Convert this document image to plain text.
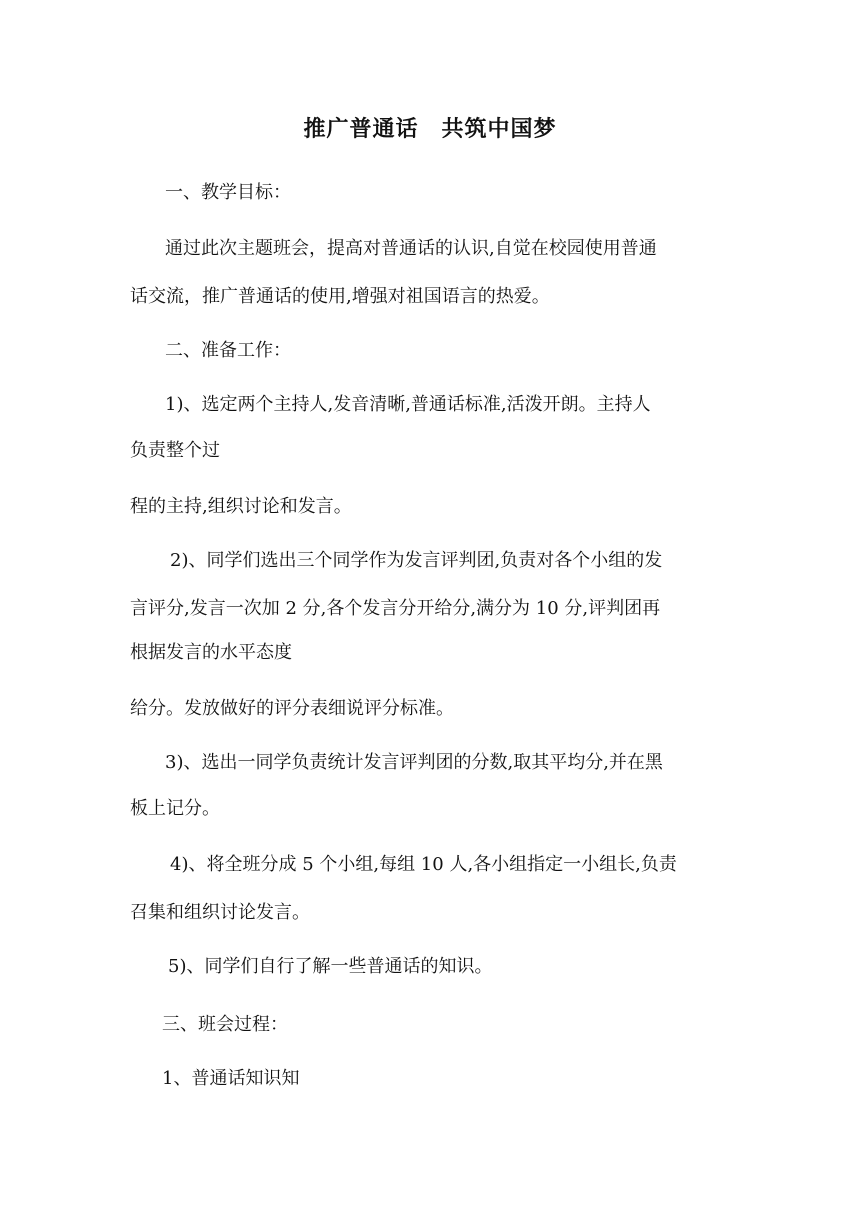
推广普通话　共筑中国梦

一、教学目标：

通过此次主题班会，提高对普通话的认识,自觉在校园使用普通

话交流，推广普通话的使用,增强对祖国语言的热爱。

二、准备工作：

1)、选定两个主持人,发音清晰,普通话标准,活泼开朗。主持人

负责整个过

程的主持,组织讨论和发言。

2)、同学们选出三个同学作为发言评判团,负责对各个小组的发

言评分,发言一次加 2 分,各个发言分开给分,满分为 10 分,评判团再

根据发言的水平态度

给分。发放做好的评分表细说评分标准。

3)、选出一同学负责统计发言评判团的分数,取其平均分,并在黑

板上记分。

4)、将全班分成 5 个小组,每组 10 人,各小组指定一小组长,负责

召集和组织讨论发言。

5)、同学们自行了解一些普通话的知识。

三、班会过程：

1、普通话知识知
